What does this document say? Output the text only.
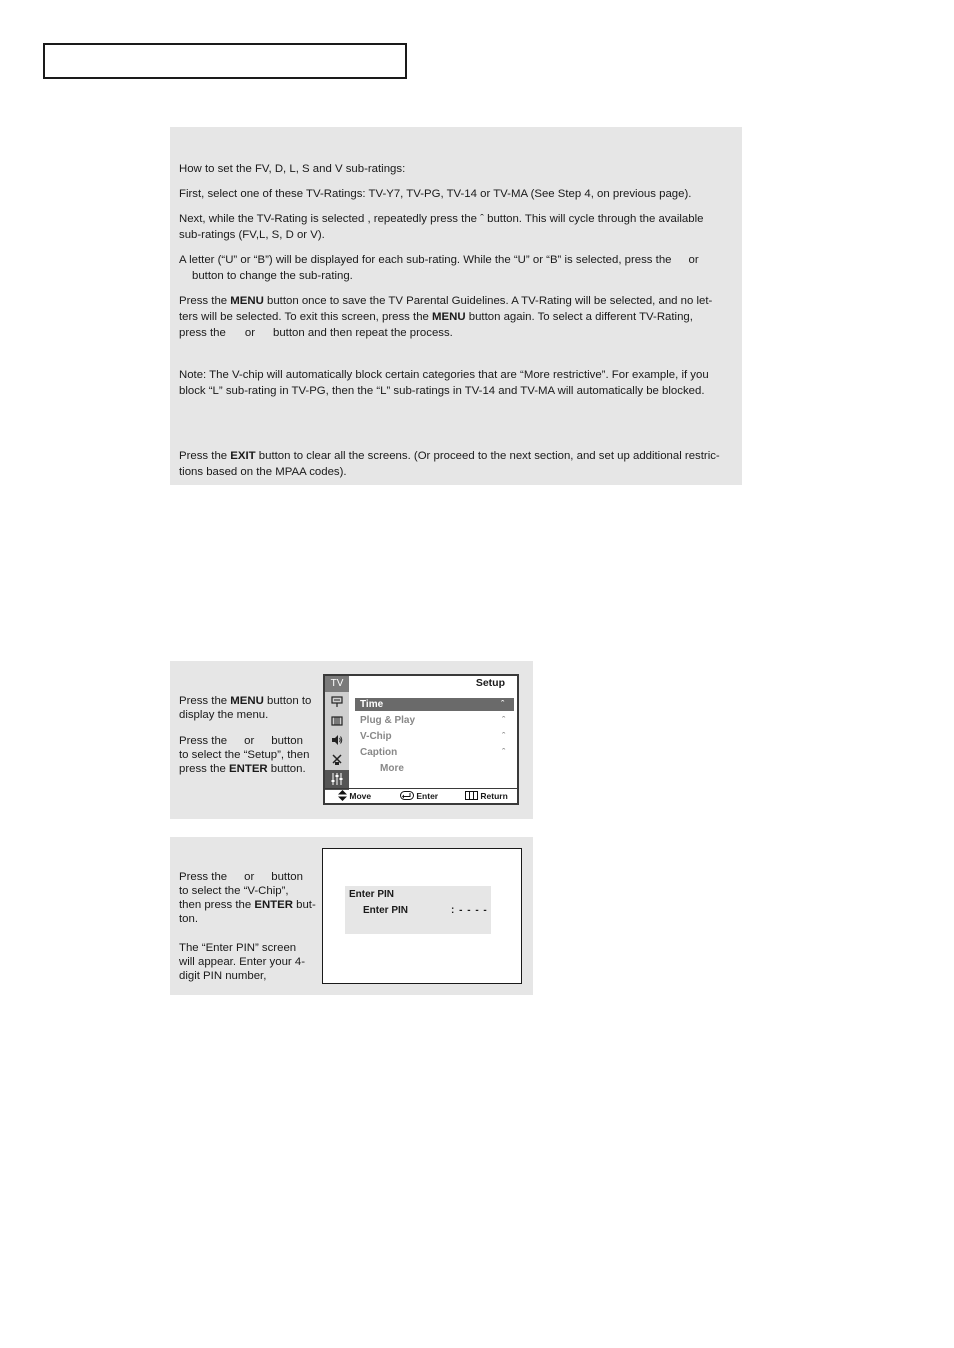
How to set the FV, D, L, S and V sub-ratings:

First, select one of these TV-Ratings: TV-Y7, TV-PG, TV-14 or TV-MA (See Step 4, on previous page).

Next, while the TV-Rating is selected , repeatedly press the ˆ button. This will cycle through the available
sub-ratings (FV,L, S, D or V).

A letter (“U” or “B”) will be displayed for each sub-rating. While the “U” or “B” is selected, press the or
button to change the sub-rating.

Press the MENU button once to save the TV Parental Guidelines. A TV-Rating will be selected, and no let-
ters will be selected. To exit this screen, press the MENU button again. To select a different TV-Rating,
press the or button and then repeat the process.

Note: The V-chip will automatically block certain categories that are “More restrictive”. For example, if you
block “L” sub-rating in TV-PG, then the “L” sub-ratings in TV-14 and TV-MA will automatically be blocked.

Press the EXIT button to clear all the screens. (Or proceed to the next section, and set up additional restric-
tions based on the MPAA codes).

Press the MENU button to
display the menu.

Press the or button
to select the “Setup”, then
press the ENTER button.

TV	Setup
Time	ˆ
Plug & Play	ˆ
V-Chip	ˆ
Caption	ˆ
More
Move	Enter	Return

Press the or button
to select the “V-Chip”,
then press the ENTER but-
ton.

The “Enter PIN” screen
will appear. Enter your 4-
digit PIN number,

Enter PIN
Enter PIN	: - - - -
